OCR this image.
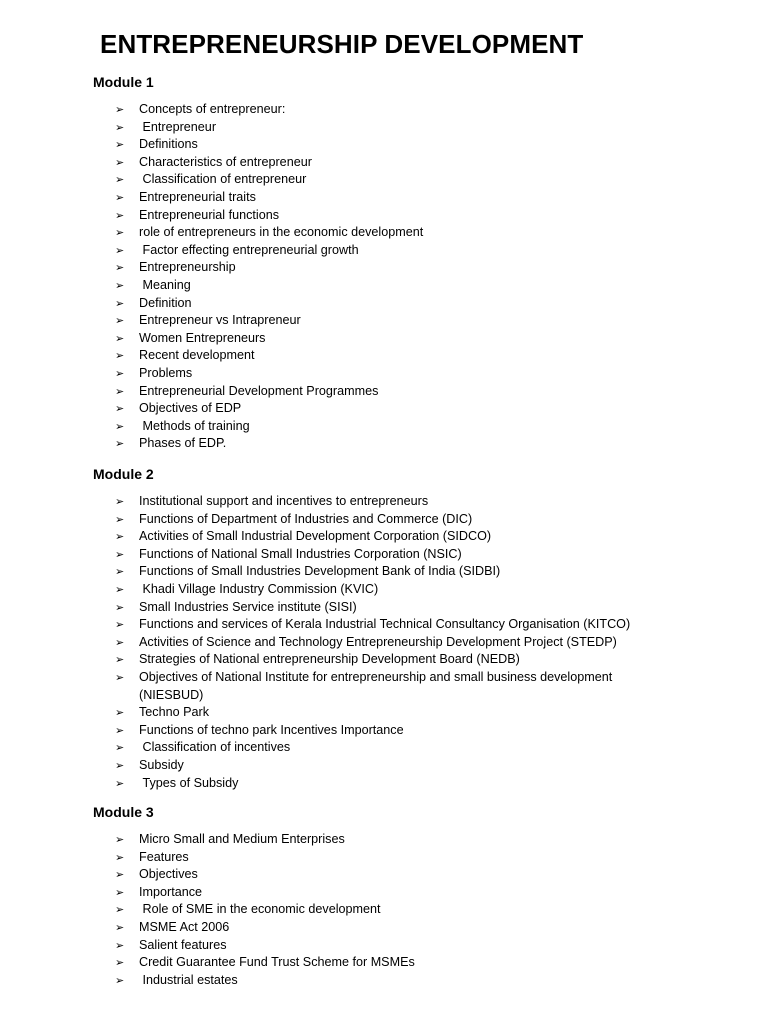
ENTREPRENEURSHIP DEVELOPMENT
Module 1
➢	Concepts of entrepreneur:
➢	Entrepreneur
➢	Definitions
➢	Characteristics of entrepreneur
➢	Classification of entrepreneur
➢	Entrepreneurial traits
➢	Entrepreneurial functions
➢	role of entrepreneurs in the economic development
➢	Factor effecting entrepreneurial growth
➢	Entrepreneurship
➢	Meaning
➢	Definition
➢	Entrepreneur vs Intrapreneur
➢	Women Entrepreneurs
➢	Recent development
➢	Problems
➢	Entrepreneurial Development Programmes
➢	Objectives of EDP
➢	Methods of training
➢	Phases of EDP.
Module 2
➢	Institutional support and incentives to entrepreneurs
➢	Functions of Department of Industries and Commerce (DIC)
➢	Activities of Small Industrial Development Corporation (SIDCO)
➢	Functions of National Small Industries Corporation (NSIC)
➢	Functions of Small Industries Development Bank of India (SIDBI)
➢	Khadi Village Industry Commission (KVIC)
➢	Small Industries Service institute (SISI)
➢	Functions and services of Kerala Industrial Technical Consultancy Organisation (KITCO)
➢	Activities of Science and Technology Entrepreneurship Development Project (STEDP)
➢	Strategies of National entrepreneurship Development Board (NEDB)
➢	Objectives of National Institute for entrepreneurship and small business development (NIESBUD)
➢	Techno Park
➢	Functions of techno park Incentives Importance
➢	Classification of incentives
➢	Subsidy
➢	Types of Subsidy
Module 3
➢	Micro Small and Medium Enterprises
➢	Features
➢	Objectives
➢	Importance
➢	Role of SME in the economic development
➢	MSME Act 2006
➢	Salient features
➢	Credit Guarantee Fund Trust Scheme for MSMEs
➢	Industrial estates
